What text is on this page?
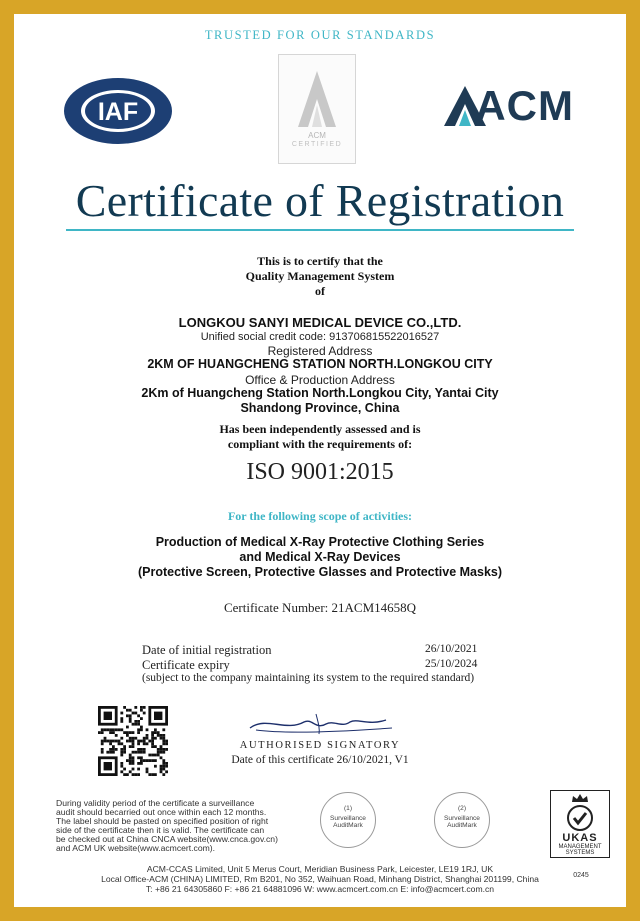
TRUSTED FOR OUR STANDARDS
IAF
ACM
CERTIFIED
ACM
Certificate of Registration
This is to certify that the
Quality Management System
of
LONGKOU SANYI MEDICAL DEVICE CO.,LTD.
Unified social credit code: 913706815522016527
Registered Address
2KM OF HUANGCHENG STATION NORTH.LONGKOU CITY
Office & Production Address
2Km of Huangcheng Station North.Longkou City, Yantai City
Shandong Province, China
Has been independently assessed and is
compliant with the requirements of:
ISO 9001:2015
For the following scope of activities:
Production of Medical X-Ray Protective Clothing Series
and Medical X-Ray Devices
(Protective Screen, Protective Glasses and Protective Masks)
Certificate Number: 21ACM14658Q
Date of initial registration	26/10/2021
Certificate expiry	25/10/2024
(subject to the company maintaining its system to the required standard)
AUTHORISED SIGNATORY
Date of this certificate 26/10/2021, V1
During validity period of the certificate a surveillance
audit should becarried out once within each 12 months.
The label should be pasted on specified position of right
side of the certificate then it is valid. The certificate can
be checked out at China CNCA website(www.cnca.gov.cn)
and ACM UK website(www.acmcert.com).
(1)
Surveillance
AuditMark
(2)
Surveillance
AuditMark
UKAS
MANAGEMENT SYSTEMS
0245
ACM-CCAS Limited, Unit 5 Merus Court, Meridian Business Park, Leicester, LE19 1RJ, UK
Local Office-ACM (CHINA) LIMITED, Rm B201, No 352, Waihuan Road, Minhang District, Shanghai 201199, China
T: +86 21 64305860 F: +86 21 64881096 W: www.acmcert.com.cn E: info@acmcert.com.cn
